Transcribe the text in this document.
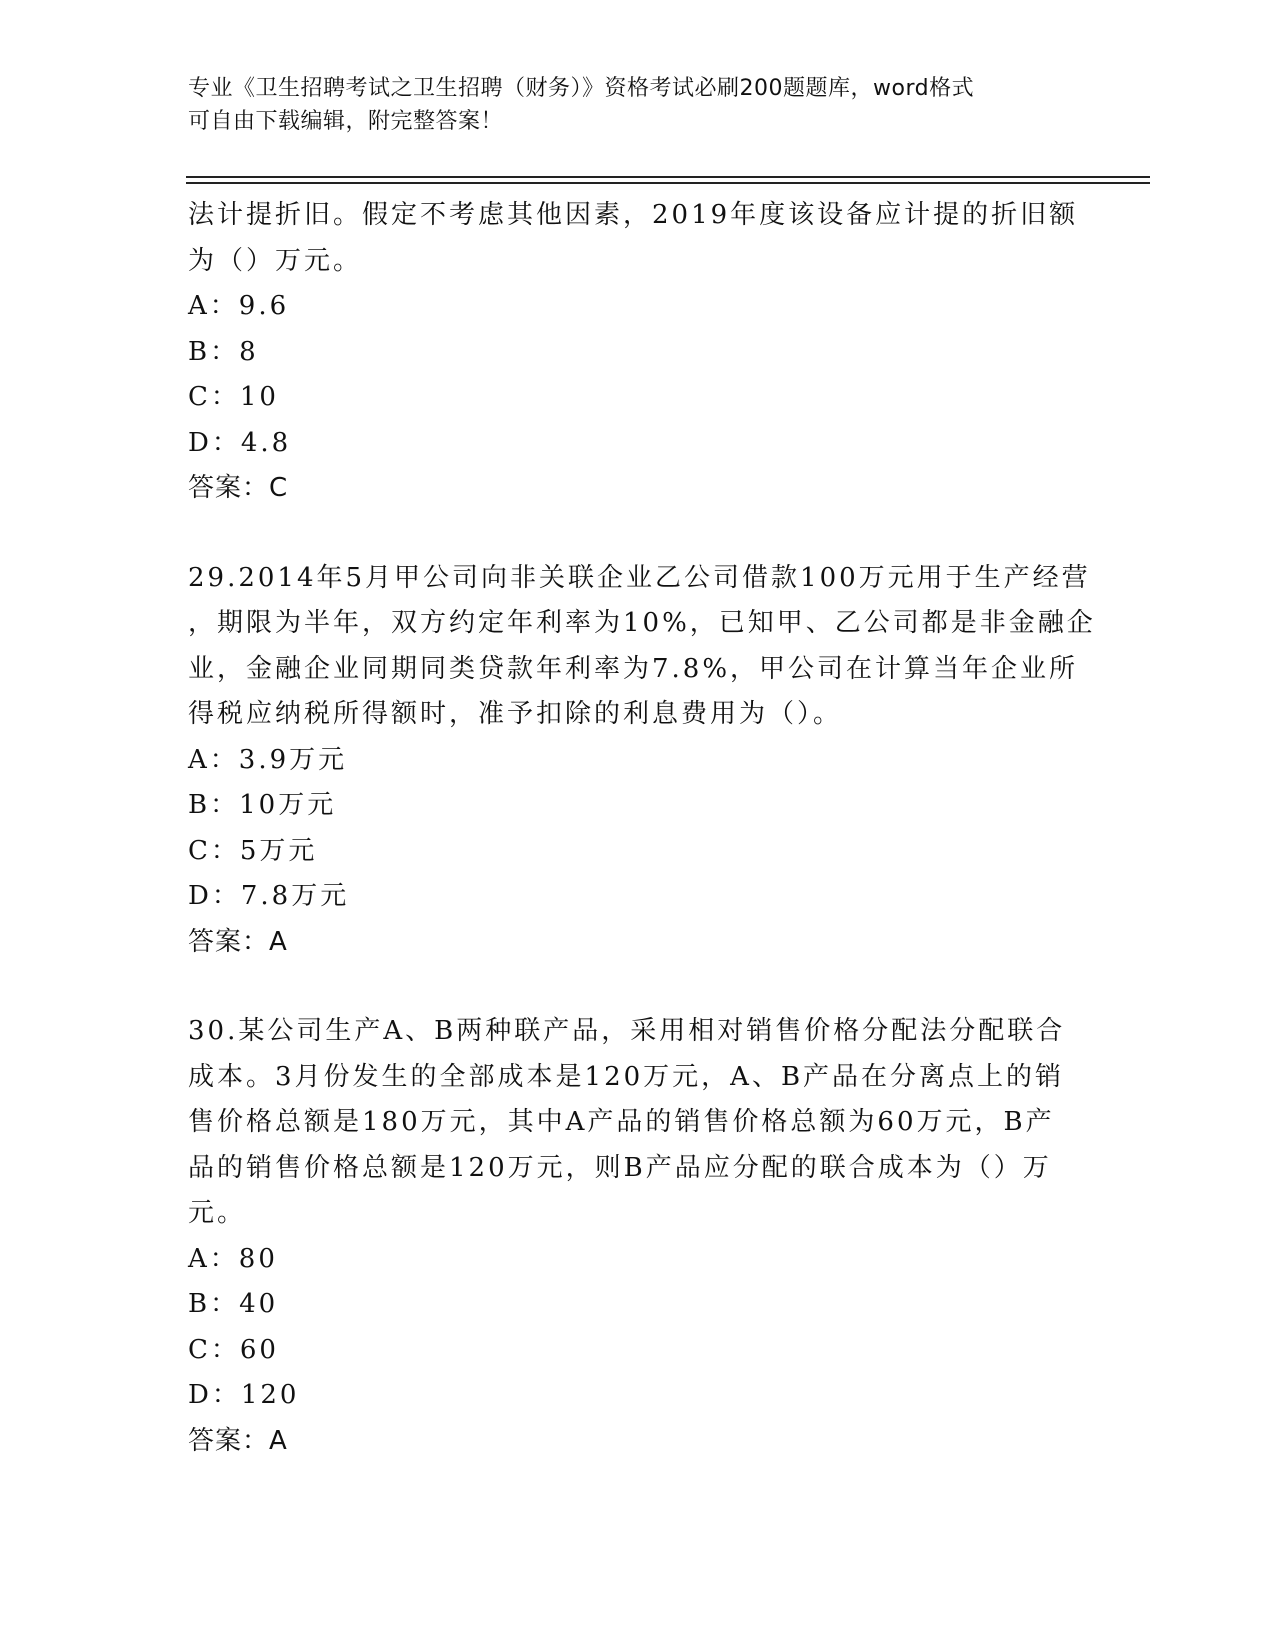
专业《卫生招聘考试之卫生招聘（财务）》资格考试必刷200题题库，word格式
可自由下载编辑，附完整答案！
法计提折旧。假定不考虑其他因素，2019年度该设备应计提的折旧额
为（）万元。
A：9.6
B：8
C：10
D：4.8
答案：C
29.2014年5月甲公司向非关联企业乙公司借款100万元用于生产经营
，期限为半年，双方约定年利率为10%，已知甲、乙公司都是非金融企
业，金融企业同期同类贷款年利率为7.8%，甲公司在计算当年企业所
得税应纳税所得额时，准予扣除的利息费用为（）。
A：3.9万元
B：10万元
C：5万元
D：7.8万元
答案：A
30.某公司生产A、B两种联产品，采用相对销售价格分配法分配联合
成本。3月份发生的全部成本是120万元，A、B产品在分离点上的销
售价格总额是180万元，其中A产品的销售价格总额为60万元，B产
品的销售价格总额是120万元，则B产品应分配的联合成本为（）万
元。
A：80
B：40
C：60
D：120
答案：A
